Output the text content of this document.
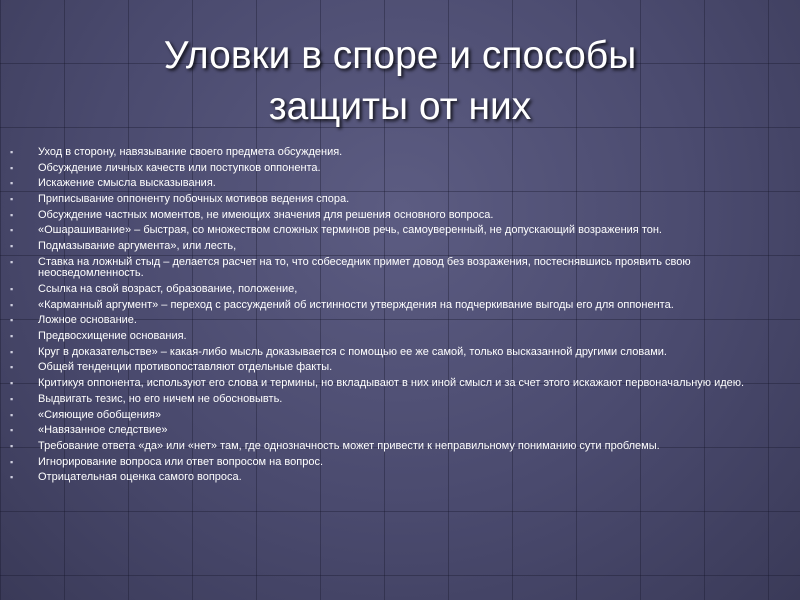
Уловки в споре и способы
защиты от них
▪	Уход в сторону, навязывание своего предмета обсуждения.
▪	Обсуждение личных качеств или поступков оппонента.
▪	Искажение смысла высказывания.
▪	Приписывание оппоненту побочных мотивов ведения спора.
▪	Обсуждение частных моментов, не имеющих значения для решения основного вопроса.
▪	«Ошарашивание» – быстрая, со множеством сложных терминов речь, самоуверенный, не допускающий возражения тон.
▪	Подмазывание аргумента», или лесть,
▪	Ставка на ложный стыд – делается расчет на то, что собеседник примет довод без возражения, постеснявшись проявить свою неосведомленность.
▪	Ссылка на свой возраст, образование, положение,
▪	«Карманный аргумент» – переход с рассуждений об истинности утверждения на подчеркивание выгоды его для оппонента.
▪	Ложное основание.
▪	Предвосхищение основания.
▪	Круг в доказательстве» – какая-либо мысль доказывается с помощью ее же самой, только высказанной другими словами.
▪	Общей тенденции противопоставляют отдельные факты.
▪	Критикуя оппонента, используют его слова и термины, но вкладывают в них иной смысл и за счет этого искажают первоначальную идею.
▪	Выдвигать тезис, но его ничем не обосновывть.
▪	«Сияющие обобщения»
▪	«Навязанное следствие»
▪	Требование ответа «да» или «нет» там, где однозначность может привести к неправильному пониманию сути проблемы.
▪	Игнорирование вопроса или ответ вопросом на вопрос.
▪	Отрицательная оценка самого вопроса.
